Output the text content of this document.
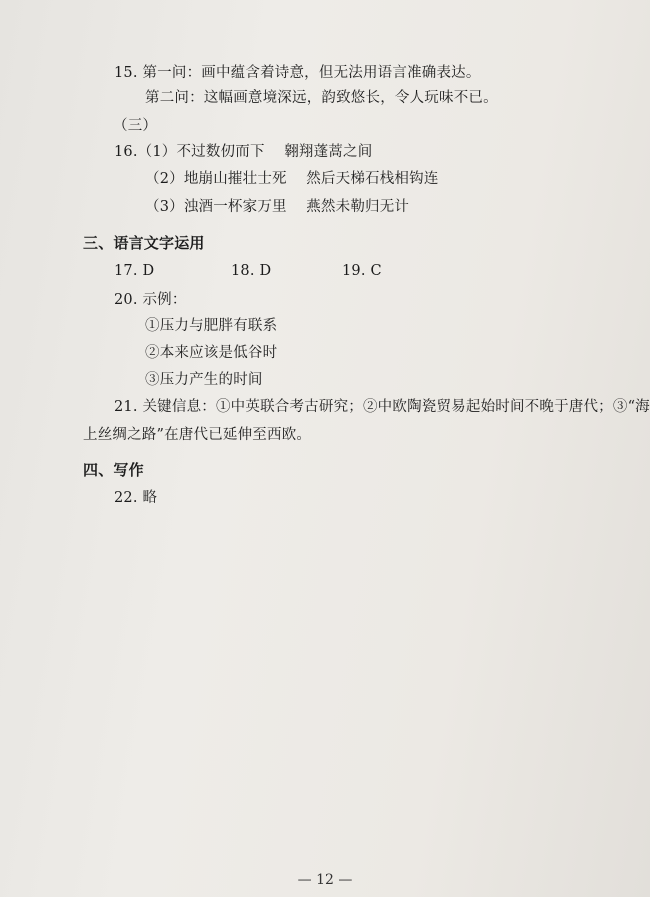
15. 第一问：画中蕴含着诗意，但无法用语言准确表达。
第二问：这幅画意境深远，韵致悠长，令人玩味不已。
（三）
16.（1）不过数仞而下　 翱翔蓬蒿之间
（2）地崩山摧壮士死　 然后天梯石栈相钩连
（3）浊酒一杯家万里　 燕然未勒归无计
三、语言文字运用
17. D	18. D	19. C
20. 示例：
①压力与肥胖有联系
②本来应该是低谷时
③压力产生的时间
21. 关键信息：①中英联合考古研究；②中欧陶瓷贸易起始时间不晚于唐代；③“海
上丝绸之路”在唐代已延伸至西欧。
四、写作
22. 略
— 12 —
